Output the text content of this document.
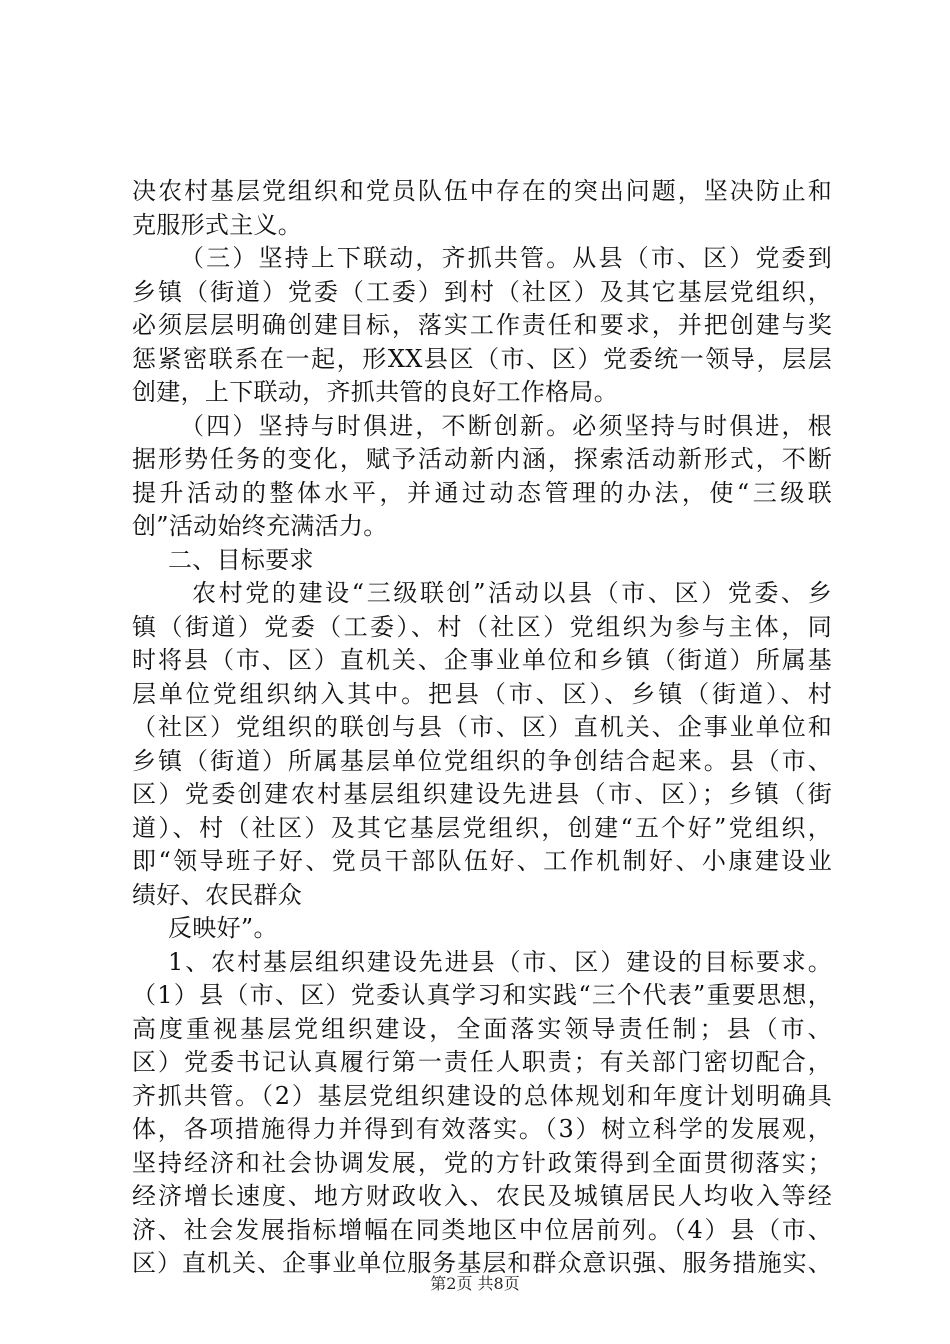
决农村基层党组织和党员队伍中存在的突出问题，坚决防止和
克服形式主义。
（三）坚持上下联动，齐抓共管。从县（市、区）党委到
乡镇（街道）党委（工委）到村（社区）及其它基层党组织，
必须层层明确创建目标，落实工作责任和要求，并把创建与奖
惩紧密联系在一起，形XX县区（市、区）党委统一领导，层层
创建，上下联动，齐抓共管的良好工作格局。
（四）坚持与时俱进，不断创新。必须坚持与时俱进，根
据形势任务的变化，赋予活动新内涵，探索活动新形式，不断
提升活动的整体水平，并通过动态管理的办法，使“三级联
创”活动始终充满活力。
二、目标要求
农村党的建设“三级联创”活动以县（市、区）党委、乡
镇（街道）党委（工委）、村（社区）党组织为参与主体，同
时将县（市、区）直机关、企事业单位和乡镇（街道）所属基
层单位党组织纳入其中。把县（市、区）、乡镇（街道）、村
（社区）党组织的联创与县（市、区）直机关、企事业单位和
乡镇（街道）所属基层单位党组织的争创结合起来。县（市、
区）党委创建农村基层组织建设先进县（市、区）；乡镇（街
道）、村（社区）及其它基层党组织，创建“五个好”党组织，
即“领导班子好、党员干部队伍好、工作机制好、小康建设业
绩好、农民群众
反映好”。
1、农村基层组织建设先进县（市、区）建设的目标要求。
（1）县（市、区）党委认真学习和实践“三个代表”重要思想，
高度重视基层党组织建设，全面落实领导责任制；县（市、
区）党委书记认真履行第一责任人职责；有关部门密切配合，
齐抓共管。（2）基层党组织建设的总体规划和年度计划明确具
体，各项措施得力并得到有效落实。（3）树立科学的发展观，
坚持经济和社会协调发展，党的方针政策得到全面贯彻落实；
经济增长速度、地方财政收入、农民及城镇居民人均收入等经
济、社会发展指标增幅在同类地区中位居前列。（4）县（市、
区）直机关、企事业单位服务基层和群众意识强、服务措施实、
第2页 共8页
